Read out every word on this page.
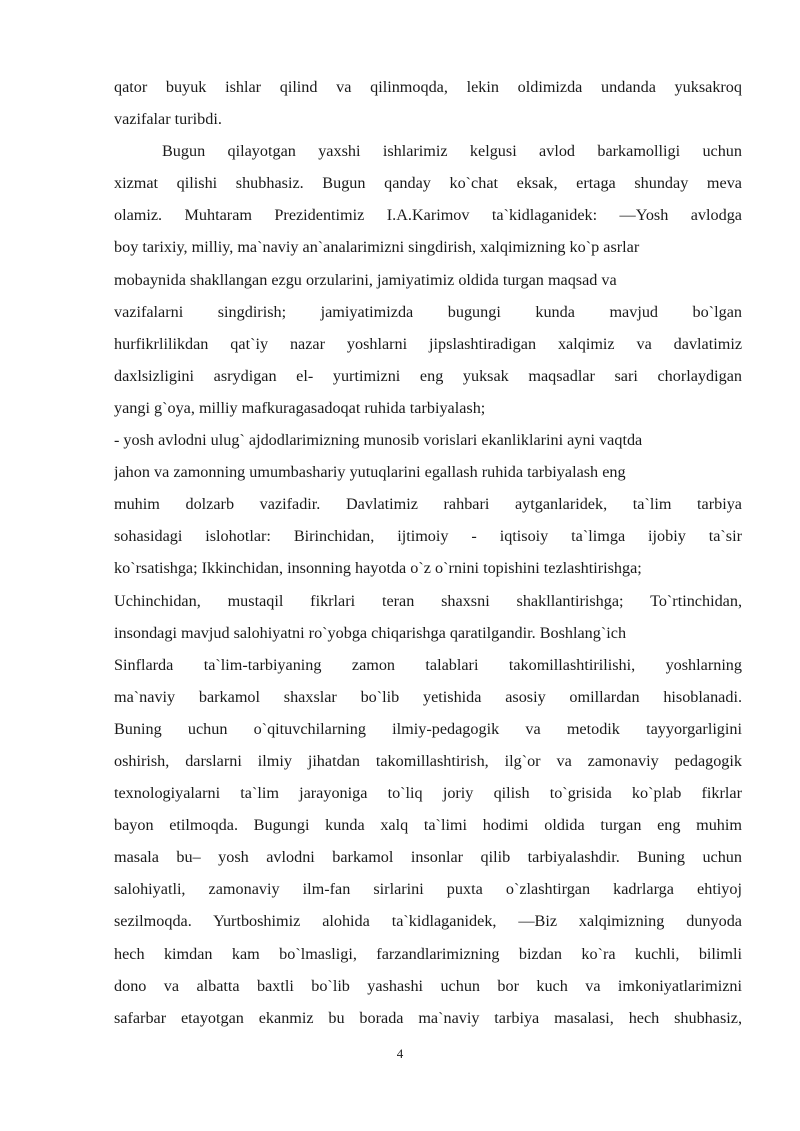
qator buyuk ishlar qilind va qilinmoqda, lekin oldimizda undanda yuksakroq
vazifalar turibdi.
Bugun qilayotgan yaxshi ishlarimiz kelgusi avlod barkamolligi uchun
xizmat qilishi shubhasiz. Bugun qanday ko`chat eksak, ertaga shunday meva
olamiz. Muhtaram Prezidentimiz I.A.Karimov ta`kidlaganidek: ―Yosh avlodga
boy tarixiy, milliy, ma`naviy an`analarimizni singdirish, xalqimizning ko`p asrlar
mobaynida shakllangan ezgu orzularini, jamiyatimiz oldida turgan maqsad va
vazifalarni singdirish; jamiyatimizda bugungi kunda mavjud bo`lgan
hurfikrlilikdan qat`iy nazar yoshlarni jipslashtiradigan xalqimiz va davlatimiz
daxlsizligini asrydigan el- yurtimizni eng yuksak maqsadlar sari chorlaydigan
yangi g`oya, milliy mafkuragasadoqat ruhida tarbiyalash;
- yosh avlodni ulug` ajdodlarimizning munosib vorislari ekanliklarini ayni vaqtda
jahon va zamonning umumbashariy yutuqlarini egallash ruhida tarbiyalash eng
muhim dolzarb vazifadir. Davlatimiz rahbari aytganlaridek, ta`lim tarbiya
sohasidagi islohotlar: Birinchidan, ijtimoiy - iqtisoiy ta`limga ijobiy ta`sir
ko`rsatishga; Ikkinchidan, insonning hayotda o`z o`rnini topishini tezlashtirishga;
Uchinchidan, mustaqil fikrlari teran shaxsni shakllantirishga; To`rtinchidan,
insondagi mavjud salohiyatni ro`yobga chiqarishga qaratilgandir. Boshlang`ich
Sinflarda ta`lim-tarbiyaning zamon talablari takomillashtirilishi, yoshlarning
ma`naviy barkamol shaxslar bo`lib yetishida asosiy omillardan hisoblanadi.
Buning uchun o`qituvchilarning ilmiy-pedagogik va metodik tayyorgarligini
oshirish, darslarni ilmiy jihatdan takomillashtirish, ilg`or va zamonaviy pedagogik
texnologiyalarni ta`lim jarayoniga to`liq joriy qilish to`grisida ko`plab fikrlar
bayon etilmoqda. Bugungi kunda xalq ta`limi hodimi oldida turgan eng muhim
masala bu– yosh avlodni barkamol insonlar qilib tarbiyalashdir. Buning uchun
salohiyatli, zamonaviy ilm-fan sirlarini puxta o`zlashtirgan kadrlarga ehtiyoj
sezilmoqda. Yurtboshimiz alohida ta`kidlaganidek, ―Biz xalqimizning dunyoda
hech kimdan kam bo`lmasligi, farzandlarimizning bizdan ko`ra kuchli, bilimli
dono va albatta baxtli bo`lib yashashi uchun bor kuch va imkoniyatlarimizni
safarbar etayotgan ekanmiz bu borada ma`naviy tarbiya masalasi, hech shubhasiz,
4
